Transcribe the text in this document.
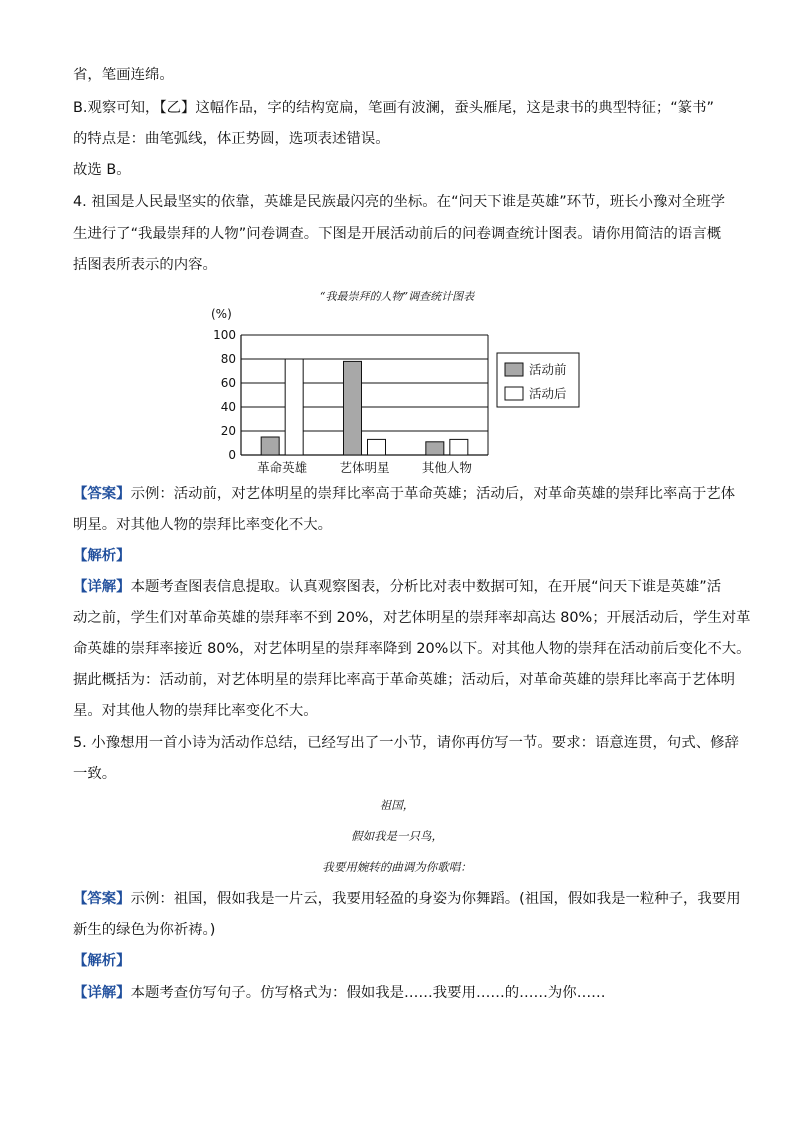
省，笔画连绵。
B.观察可知，【乙】这幅作品，字的结构宽扁，笔画有波澜，蚕头雁尾，这是隶书的典型特征；“篆书”
的特点是：曲笔弧线，体正势圆，选项表述错误。
故选 B。
4. 祖国是人民最坚实的依靠，英雄是民族最闪亮的坐标。在“问天下谁是英雄”环节，班长小豫对全班学
生进行了“我最崇拜的人物”问卷调查。下图是开展活动前后的问卷调查统计图表。请你用简洁的语言概
括图表所表示的内容。
“我最崇拜的人物”调查统计图表
(%)
0
20
40
60
80
100
革命英雄	艺体明星	其他人物
活动前
活动后
【答案】示例：活动前，对艺体明星的崇拜比率高于革命英雄；活动后，对革命英雄的崇拜比率高于艺体
明星。对其他人物的崇拜比率变化不大。
【解析】
【详解】本题考查图表信息提取。认真观察图表，分析比对表中数据可知，在开展“问天下谁是英雄”活
动之前，学生们对革命英雄的崇拜率不到 20%，对艺体明星的崇拜率却高达 80%；开展活动后，学生对革
命英雄的崇拜率接近 80%，对艺体明星的崇拜率降到 20%以下。对其他人物的崇拜在活动前后变化不大。
据此概括为：活动前，对艺体明星的崇拜比率高于革命英雄；活动后，对革命英雄的崇拜比率高于艺体明
星。对其他人物的崇拜比率变化不大。
5. 小豫想用一首小诗为活动作总结，已经写出了一小节，请你再仿写一节。要求：语意连贯，句式、修辞
一致。
祖国，
假如我是一只鸟，
我要用婉转的曲调为你歌唱：
【答案】示例：祖国，假如我是一片云，我要用轻盈的身姿为你舞蹈。(祖国，假如我是一粒种子，我要用
新生的绿色为你祈祷。)
【解析】
【详解】本题考查仿写句子。仿写格式为：假如我是……我要用……的……为你……
